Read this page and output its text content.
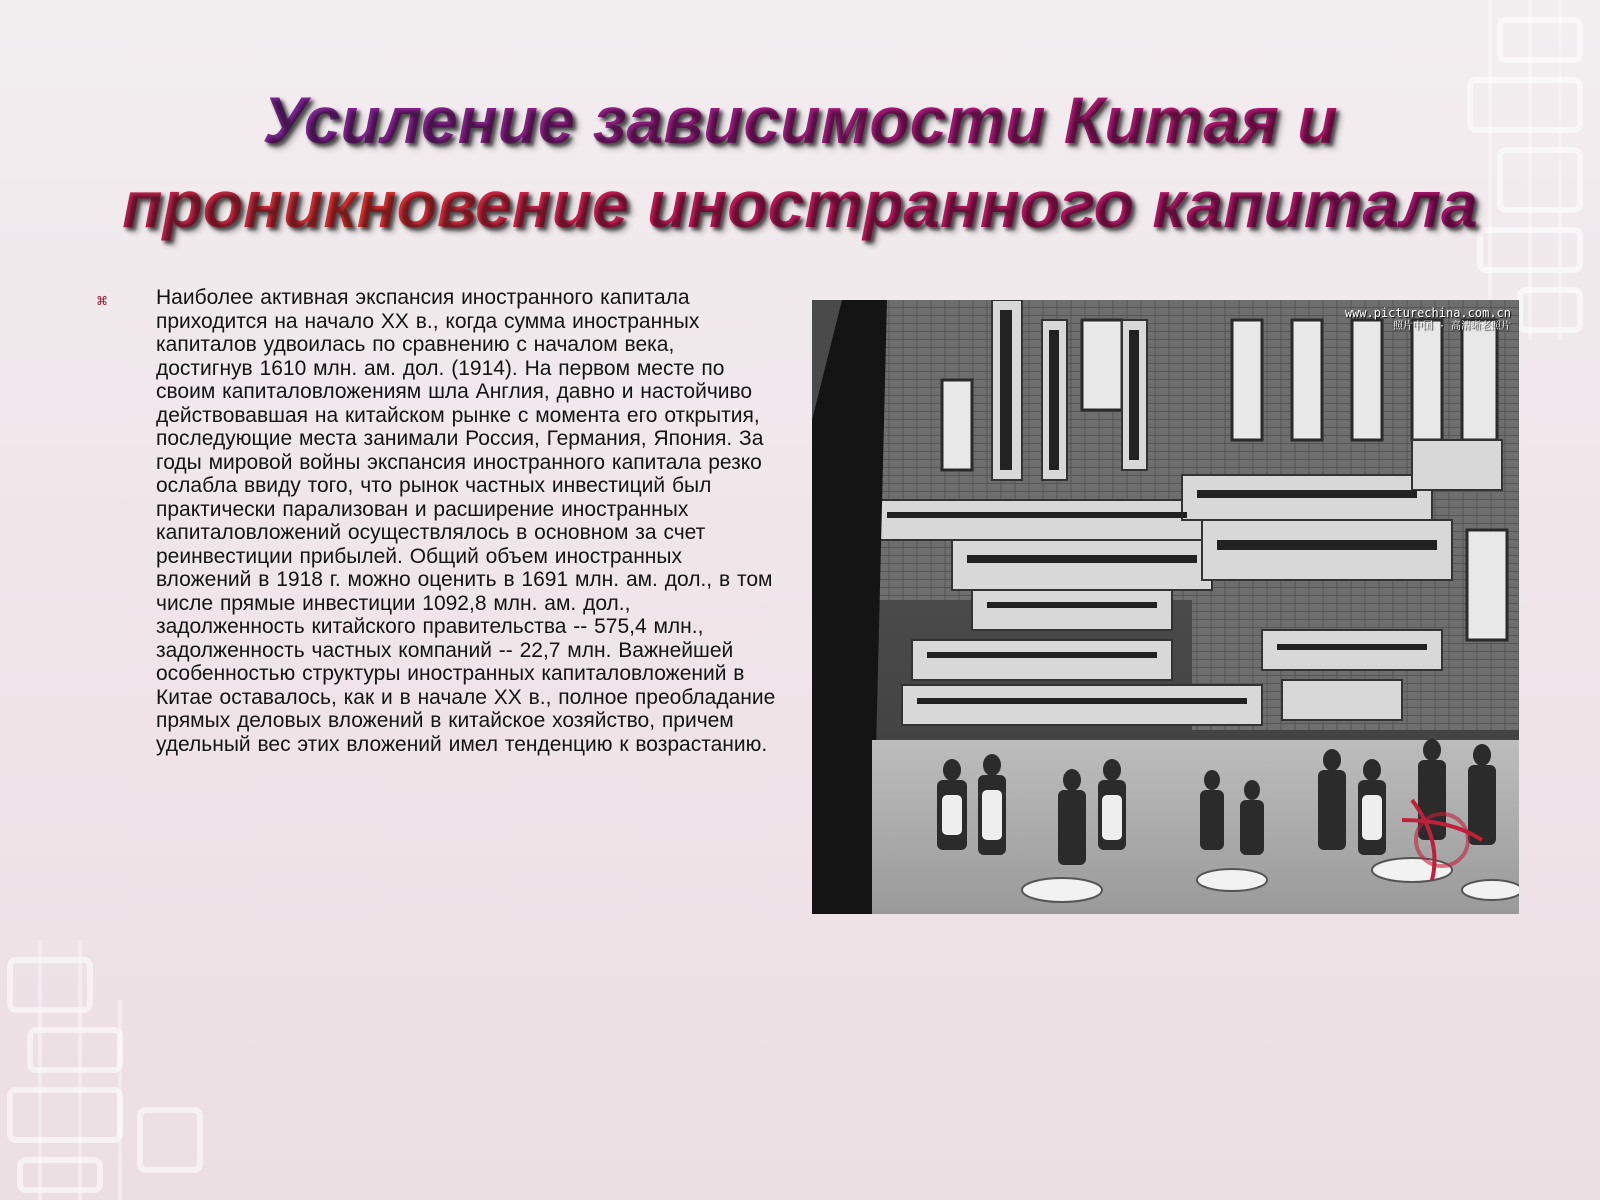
Усиление зависимости Китая и
проникновение иностранного капитала
⌘ Наиболее активная экспансия иностранного капитала приходится на начало XX в., когда сумма иностранных капиталов удвоилась по сравнению с началом века, достигнув 1610 млн. ам. дол. (1914). На первом месте по своим капиталовложениям шла Англия, давно и настойчиво действовавшая на китайском рынке с момента его открытия, последующие места занимали Россия, Германия, Япония. За годы мировой войны экспансия иностранного капитала резко ослабла ввиду того, что рынок частных инвестиций был практически парализован и расширение иностранных капиталовложений осуществлялось в основном за счет реинвестиции прибылей. Общий объем иностранных вложений в 1918 г. можно оценить в 1691 млн. ам. дол., в том числе прямые инвестиции 1092,8 млн. ам. дол., задолженность китайского правительства -- 575,4 млн., задолженность частных компаний -- 22,7 млн. Важнейшей особенностью структуры иностранных капиталовложений в Китае оставалось, как и в начале XX в., полное преобладание прямых деловых вложений в китайское хозяйство, причем удельный вес этих вложений имел тенденцию к возрастанию.
www.picturechina.com.cn
照片中国 · 高清晰老照片
